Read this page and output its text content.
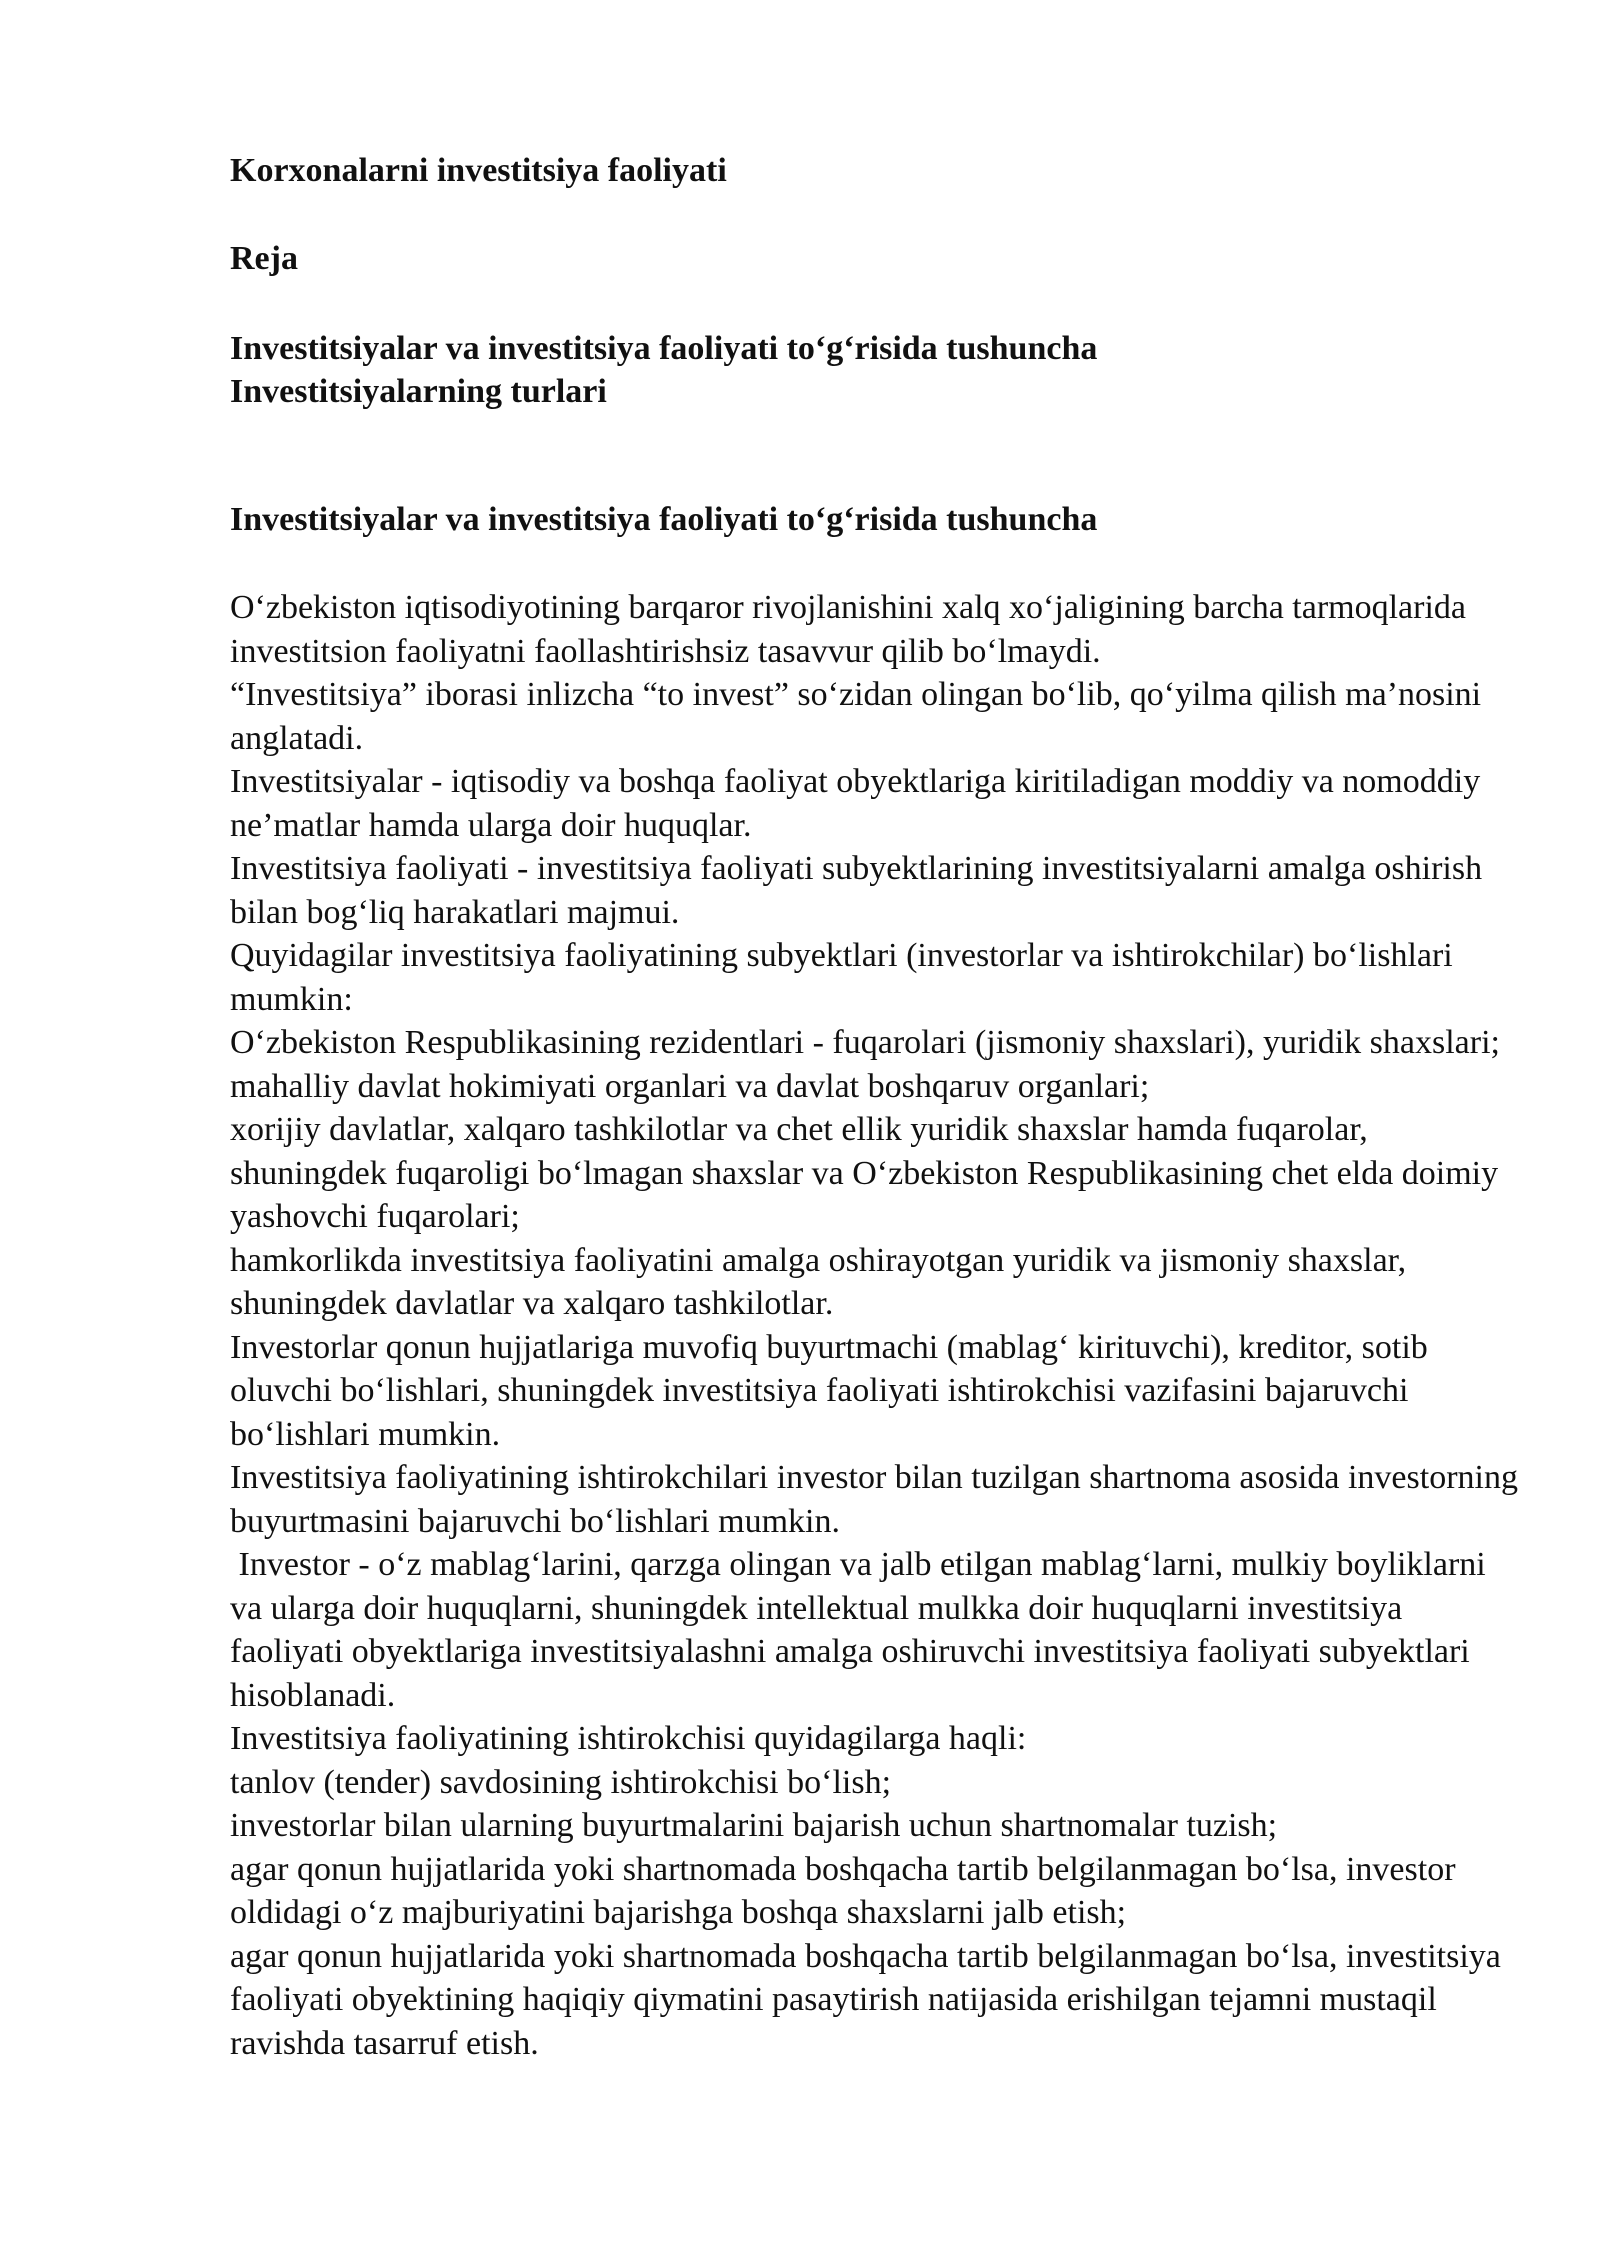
Korxonalarni investitsiya faoliyati
Reja
Investitsiyalar va investitsiya faoliyati to‘g‘risida tushuncha
Investitsiyalarning turlari
Investitsiyalar va investitsiya faoliyati to‘g‘risida tushuncha

O‘zbekiston iqtisodiyotining barqaror rivojlanishini xalq xo‘jaligining barcha tarmoqlarida investitsion faoliyatni faollashtirishsiz tasavvur qilib bo‘lmaydi.

“Investitsiya” iborasi inlizcha “to invest” so‘zidan olingan bo‘lib, qo‘yilma qilish ma’nosini anglatadi.

Investitsiyalar - iqtisodiy va boshqa faoliyat obyektlariga kiritiladigan moddiy va nomoddiy ne’matlar hamda ularga doir huquqlar.

Investitsiya faoliyati - investitsiya faoliyati subyektlarining investitsiyalarni amalga oshirish bilan bog‘liq harakatlari majmui.

Quyidagilar investitsiya faoliyatining subyektlari (investorlar va ishtirokchilar) bo‘lishlari mumkin:

O‘zbekiston Respublikasining rezidentlari - fuqarolari (jismoniy shaxslari), yuridik shaxslari;

mahalliy davlat hokimiyati organlari va davlat boshqaruv organlari;

xorijiy davlatlar, xalqaro tashkilotlar va chet ellik yuridik shaxslar hamda fuqarolar, shuningdek fuqaroligi bo‘lmagan shaxslar va O‘zbekiston Respublikasining chet elda doimiy yashovchi fuqarolari;

hamkorlikda investitsiya faoliyatini amalga oshirayotgan yuridik va jismoniy shaxslar, shuningdek davlatlar va xalqaro tashkilotlar.

Investorlar qonun hujjatlariga muvofiq buyurtmachi (mablag‘ kirituvchi), kreditor, sotib oluvchi bo‘lishlari, shuningdek investitsiya faoliyati ishtirokchisi vazifasini bajaruvchi bo‘lishlari mumkin.

Investitsiya faoliyatining ishtirokchilari investor bilan tuzilgan shartnoma asosida investorning buyurtmasini bajaruvchi bo‘lishlari mumkin.

Investor - o‘z mablag‘larini, qarzga olingan va jalb etilgan mablag‘larni, mulkiy boyliklarni va ularga doir huquqlarni, shuningdek intellektual mulkka doir huquqlarni investitsiya faoliyati obyektlariga investitsiyalashni amalga oshiruvchi investitsiya faoliyati subyektlari hisoblanadi.

Investitsiya faoliyatining ishtirokchisi quyidagilarga haqli:

tanlov (tender) savdosining ishtirokchisi bo‘lish;

investorlar bilan ularning buyurtmalarini bajarish uchun shartnomalar tuzish;

agar qonun hujjatlarida yoki shartnomada boshqacha tartib belgilanmagan bo‘lsa, investor oldidagi o‘z majburiyatini bajarishga boshqa shaxslarni jalb etish;

agar qonun hujjatlarida yoki shartnomada boshqacha tartib belgilanmagan bo‘lsa, investitsiya faoliyati obyektining haqiqiy qiymatini pasaytirish natijasida erishilgan tejamni mustaqil ravishda tasarruf etish.
